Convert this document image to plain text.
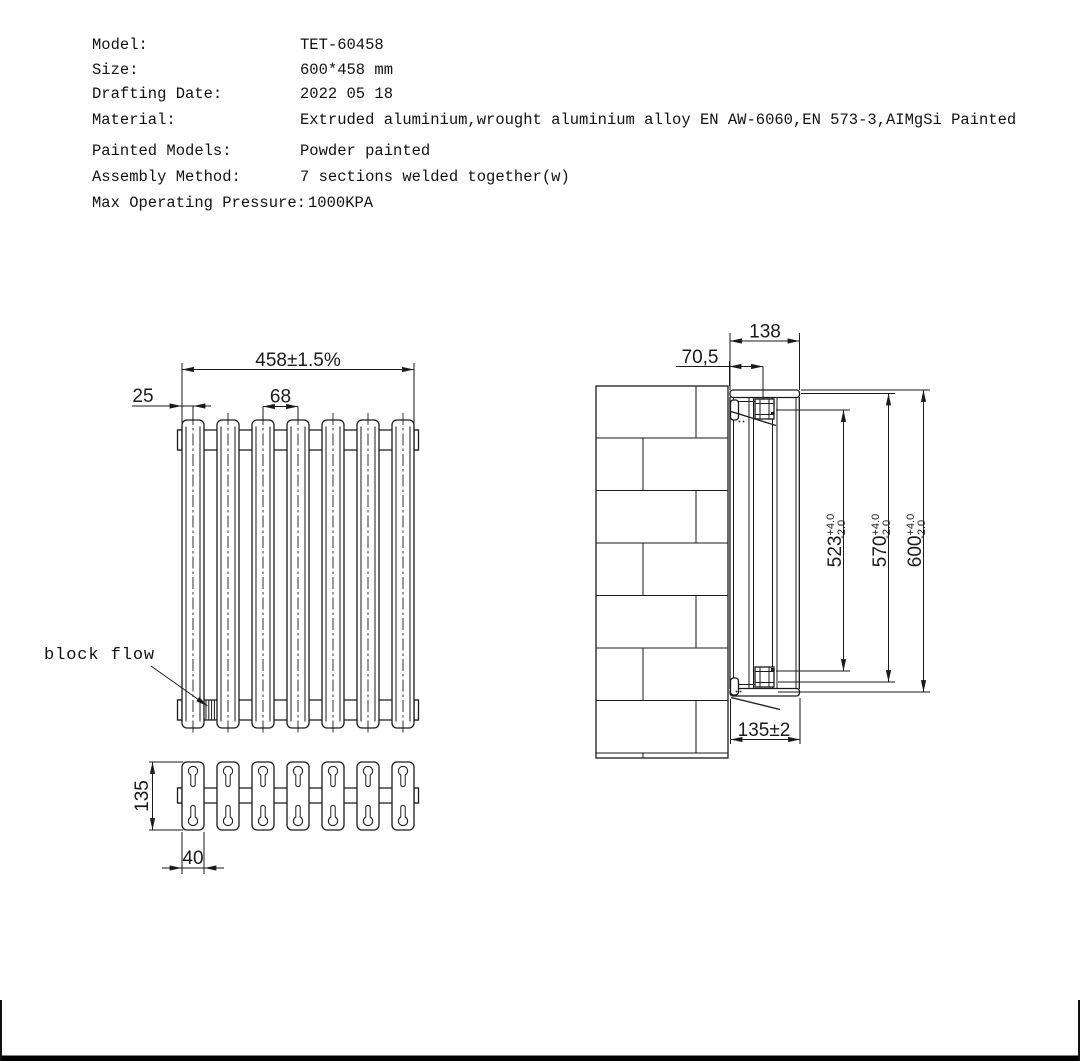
Model:	TET-60458
Size:	600*458 mm
Drafting Date:	2022 05 18
Material:	Extruded aluminium,wrought aluminium alloy EN AW-6060,EN 573-3,AIMgSi Painted
Painted Models:	Powder painted
Assembly Method:	7 sections welded together(w)
Max Operating Pressure: 1000KPA
458±1.5%
25	68
block flow
135
40
138
70,5
$523^{+4.0}-2.0$
$570^{+4.0}-2.0$
$600^{+4.0}-2.0$
135±2
